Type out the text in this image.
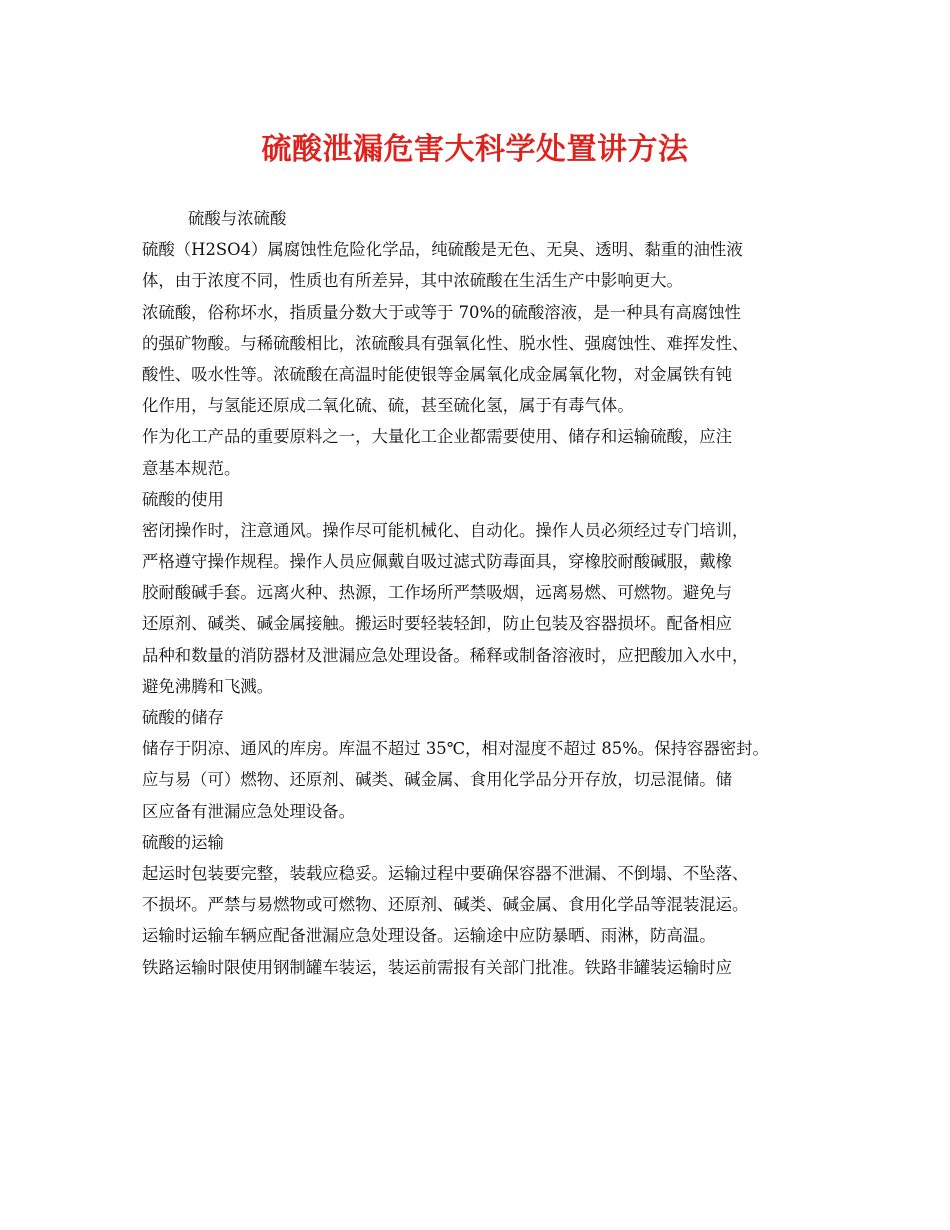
硫酸泄漏危害大科学处置讲方法
硫酸与浓硫酸
硫酸（H2SO4）属腐蚀性危险化学品，纯硫酸是无色、无臭、透明、黏重的油性液
体，由于浓度不同，性质也有所差异，其中浓硫酸在生活生产中影响更大。
浓硫酸，俗称坏水，指质量分数大于或等于 70%的硫酸溶液，是一种具有高腐蚀性
的强矿物酸。与稀硫酸相比，浓硫酸具有强氧化性、脱水性、强腐蚀性、难挥发性、
酸性、吸水性等。浓硫酸在高温时能使银等金属氧化成金属氧化物，对金属铁有钝
化作用，与氢能还原成二氧化硫、硫，甚至硫化氢，属于有毒气体。
作为化工产品的重要原料之一，大量化工企业都需要使用、储存和运输硫酸，应注
意基本规范。
硫酸的使用
密闭操作时，注意通风。操作尽可能机械化、自动化。操作人员必须经过专门培训，
严格遵守操作规程。操作人员应佩戴自吸过滤式防毒面具，穿橡胶耐酸碱服，戴橡
胶耐酸碱手套。远离火种、热源，工作场所严禁吸烟，远离易燃、可燃物。避免与
还原剂、碱类、碱金属接触。搬运时要轻装轻卸，防止包装及容器损坏。配备相应
品种和数量的消防器材及泄漏应急处理设备。稀释或制备溶液时，应把酸加入水中，
避免沸腾和飞溅。
硫酸的储存
储存于阴凉、通风的库房。库温不超过 35℃，相对湿度不超过 85%。保持容器密封。
应与易（可）燃物、还原剂、碱类、碱金属、食用化学品分开存放，切忌混储。储
区应备有泄漏应急处理设备。
硫酸的运输
起运时包装要完整，装载应稳妥。运输过程中要确保容器不泄漏、不倒塌、不坠落、
不损坏。严禁与易燃物或可燃物、还原剂、碱类、碱金属、食用化学品等混装混运。
运输时运输车辆应配备泄漏应急处理设备。运输途中应防暴晒、雨淋，防高温。
铁路运输时限使用钢制罐车装运，装运前需报有关部门批准。铁路非罐装运输时应
